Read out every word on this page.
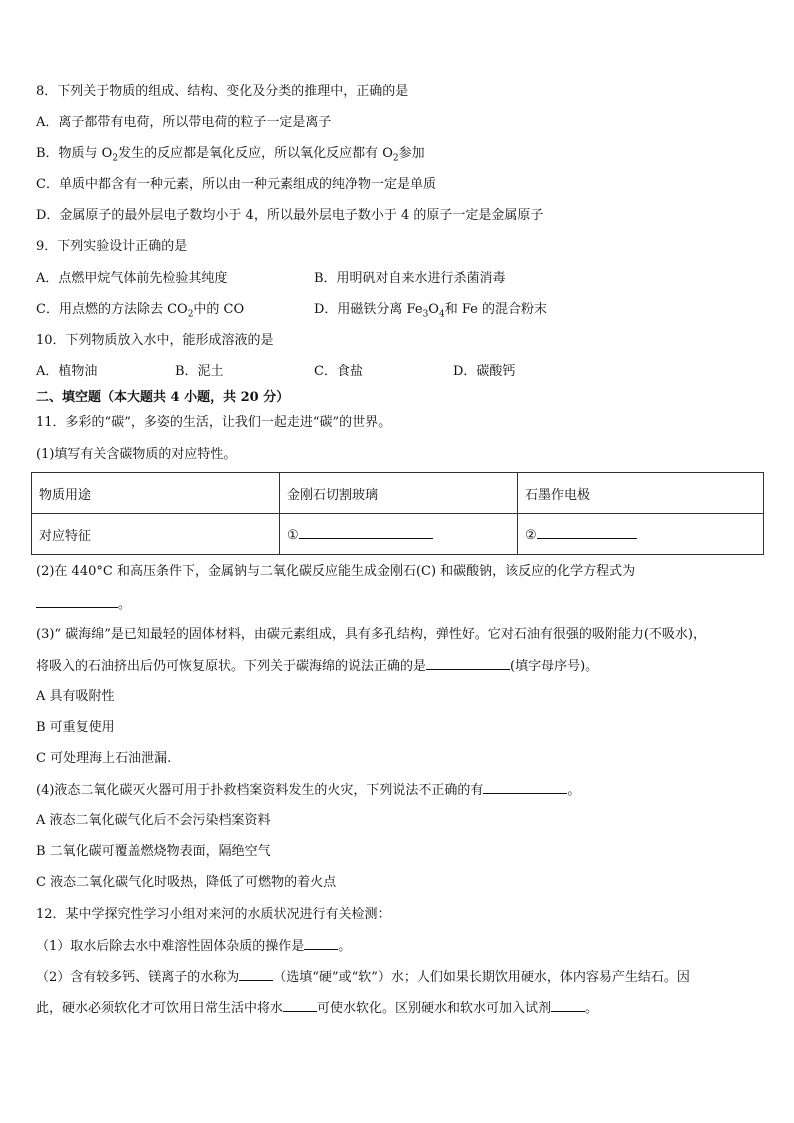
8．下列关于物质的组成、结构、变化及分类的推理中，正确的是
A．离子都带有电荷，所以带电荷的粒子一定是离子
B．物质与 $O_2$发生的反应都是氧化反应，所以氧化反应都有 $O_2$参加
C．单质中都含有一种元素，所以由一种元素组成的纯净物一定是单质
D．金属原子的最外层电子数均小于 4，所以最外层电子数小于 4 的原子一定是金属原子
9．下列实验设计正确的是
A．点燃甲烷气体前先检验其纯度	B．用明矾对自来水进行杀菌消毒
C．用点燃的方法除去 $CO_2$中的 CO	D．用磁铁分离 $Fe_3O_4$和 Fe 的混合粉末
10．下列物质放入水中，能形成溶液的是
A．植物油	B．泥土	C．食盐	D．碳酸钙
二、填空题（本大题共 4 小题，共 20 分）
11．多彩的“碳”，多姿的生活，让我们一起走进“碳”的世界。
(1)填写有关含碳物质的对应特性。
物质用途	金刚石切割玻璃	石墨作电极
对应特征	①	②
(2)在 440°C 和高压条件下，金属钠与二氧化碳反应能生成金刚石(C) 和碳酸钠，该反应的化学方程式为
。
(3)“ 碳海绵”是已知最轻的固体材料，由碳元素组成，具有多孔结构，弹性好。它对石油有很强的吸附能力(不吸水)，
将吸入的石油挤出后仍可恢复原状。下列关于碳海绵的说法正确的是	(填字母序号)。
A 具有吸附性
B 可重复使用
C 可处理海上石油泄漏.
(4)液态二氧化碳灭火器可用于扑救档案资料发生的火灾，下列说法不正确的有	。
A 液态二氧化碳气化后不会污染档案资料
B 二氧化碳可覆盖燃烧物表面，隔绝空气
C 液态二氧化碳气化时吸热，降低了可燃物的着火点
12．某中学探究性学习小组对来河的水质状况进行有关检测：
（1）取水后除去水中难溶性固体杂质的操作是	。
（2）含有较多钙、镁离子的水称为	（选填“硬”或“软”）水；人们如果长期饮用硬水，体内容易产生结石。因
此，硬水必须软化才可饮用日常生活中将水	可使水软化。区别硬水和软水可加入试剂	。
